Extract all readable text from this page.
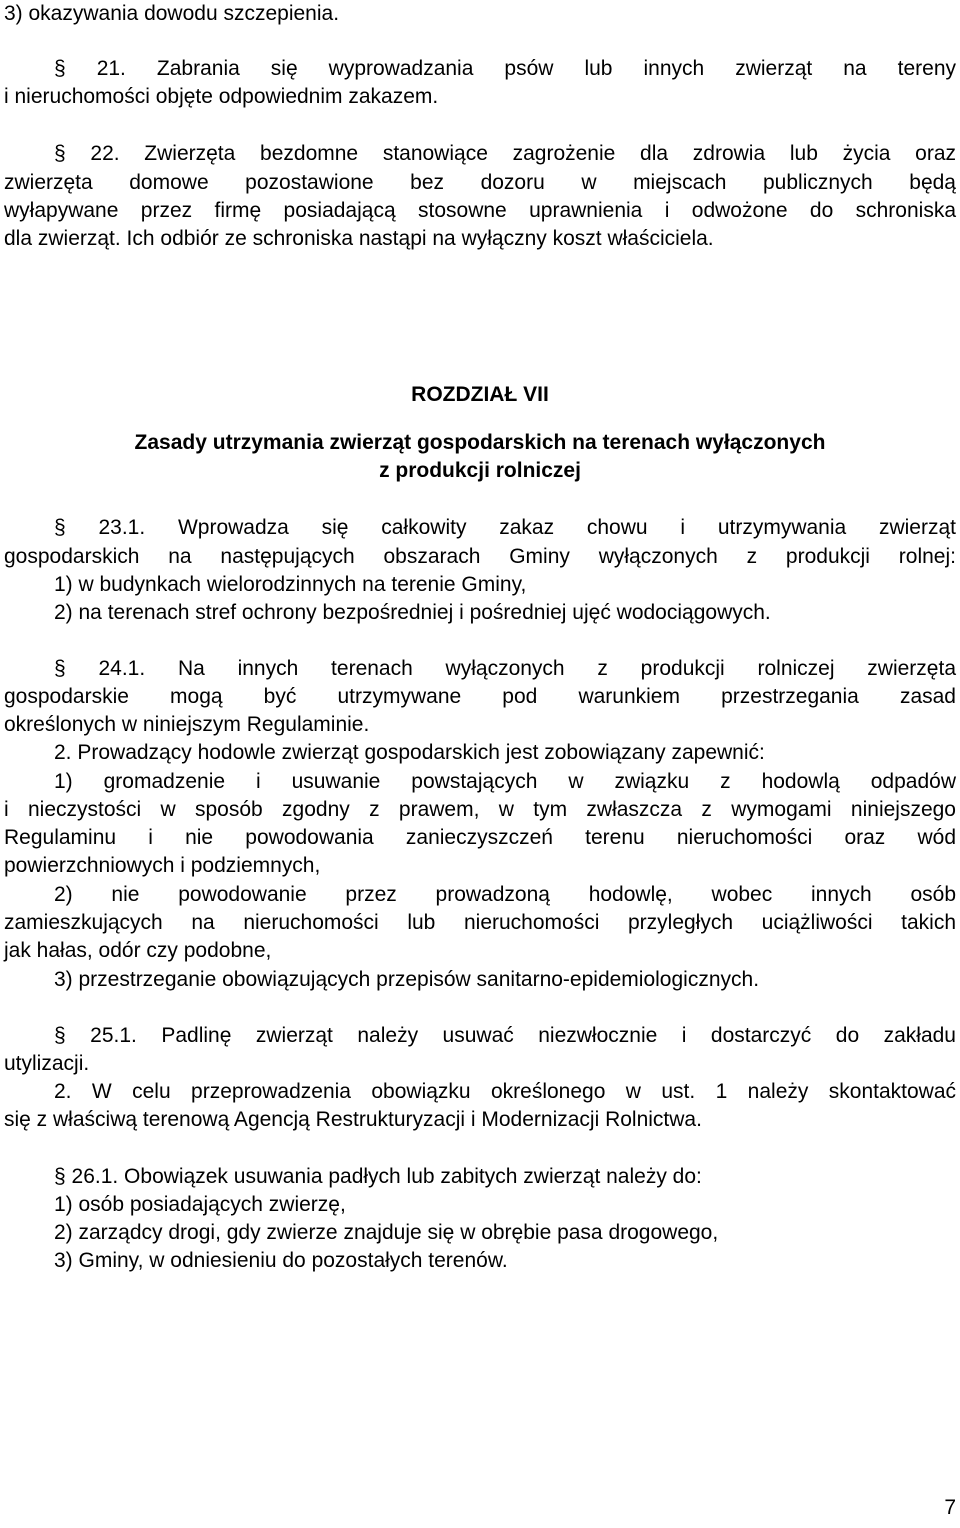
3) okazywania dowodu szczepienia.
§ 21. Zabrania się wyprowadzania psów lub innych zwierząt na tereny
i nieruchomości objęte odpowiednim zakazem.
§ 22. Zwierzęta bezdomne stanowiące zagrożenie dla zdrowia lub życia oraz
zwierzęta domowe pozostawione bez dozoru w miejscach publicznych będą
wyłapywane przez firmę posiadającą stosowne uprawnienia i odwożone do schroniska
dla zwierząt. Ich odbiór ze schroniska nastąpi na wyłączny koszt właściciela.
ROZDZIAŁ VII
Zasady utrzymania zwierząt gospodarskich na terenach wyłączonych
z produkcji rolniczej
§ 23.1. Wprowadza się całkowity zakaz chowu i utrzymywania zwierząt
gospodarskich na następujących obszarach Gminy wyłączonych z produkcji rolnej:
1) w budynkach wielorodzinnych na terenie Gminy,
2) na terenach stref ochrony bezpośredniej i pośredniej ujęć wodociągowych.
§ 24.1. Na innych terenach wyłączonych z produkcji rolniczej zwierzęta
gospodarskie mogą być utrzymywane pod warunkiem przestrzegania zasad
określonych w niniejszym Regulaminie.
2. Prowadzący hodowle zwierząt gospodarskich jest zobowiązany zapewnić:
1) gromadzenie i usuwanie powstających w związku z hodowlą odpadów
i nieczystości w sposób zgodny z prawem, w tym zwłaszcza z wymogami niniejszego
Regulaminu i nie powodowania zanieczyszczeń terenu nieruchomości oraz wód
powierzchniowych i podziemnych,
2) nie powodowanie przez prowadzoną hodowlę, wobec innych osób
zamieszkujących na nieruchomości lub nieruchomości przyległych uciążliwości takich
jak hałas, odór czy podobne,
3) przestrzeganie obowiązujących przepisów sanitarno-epidemiologicznych.
§ 25.1. Padlinę zwierząt należy usuwać niezwłocznie i dostarczyć do zakładu
utylizacji.
2. W celu przeprowadzenia obowiązku określonego w ust. 1 należy skontaktować
się z właściwą terenową Agencją Restrukturyzacji i Modernizacji Rolnictwa.
§ 26.1. Obowiązek usuwania padłych lub zabitych zwierząt należy do:
1) osób posiadających zwierzę,
2) zarządcy drogi, gdy zwierze znajduje się w obrębie pasa drogowego,
3) Gminy, w odniesieniu do pozostałych terenów.
7
